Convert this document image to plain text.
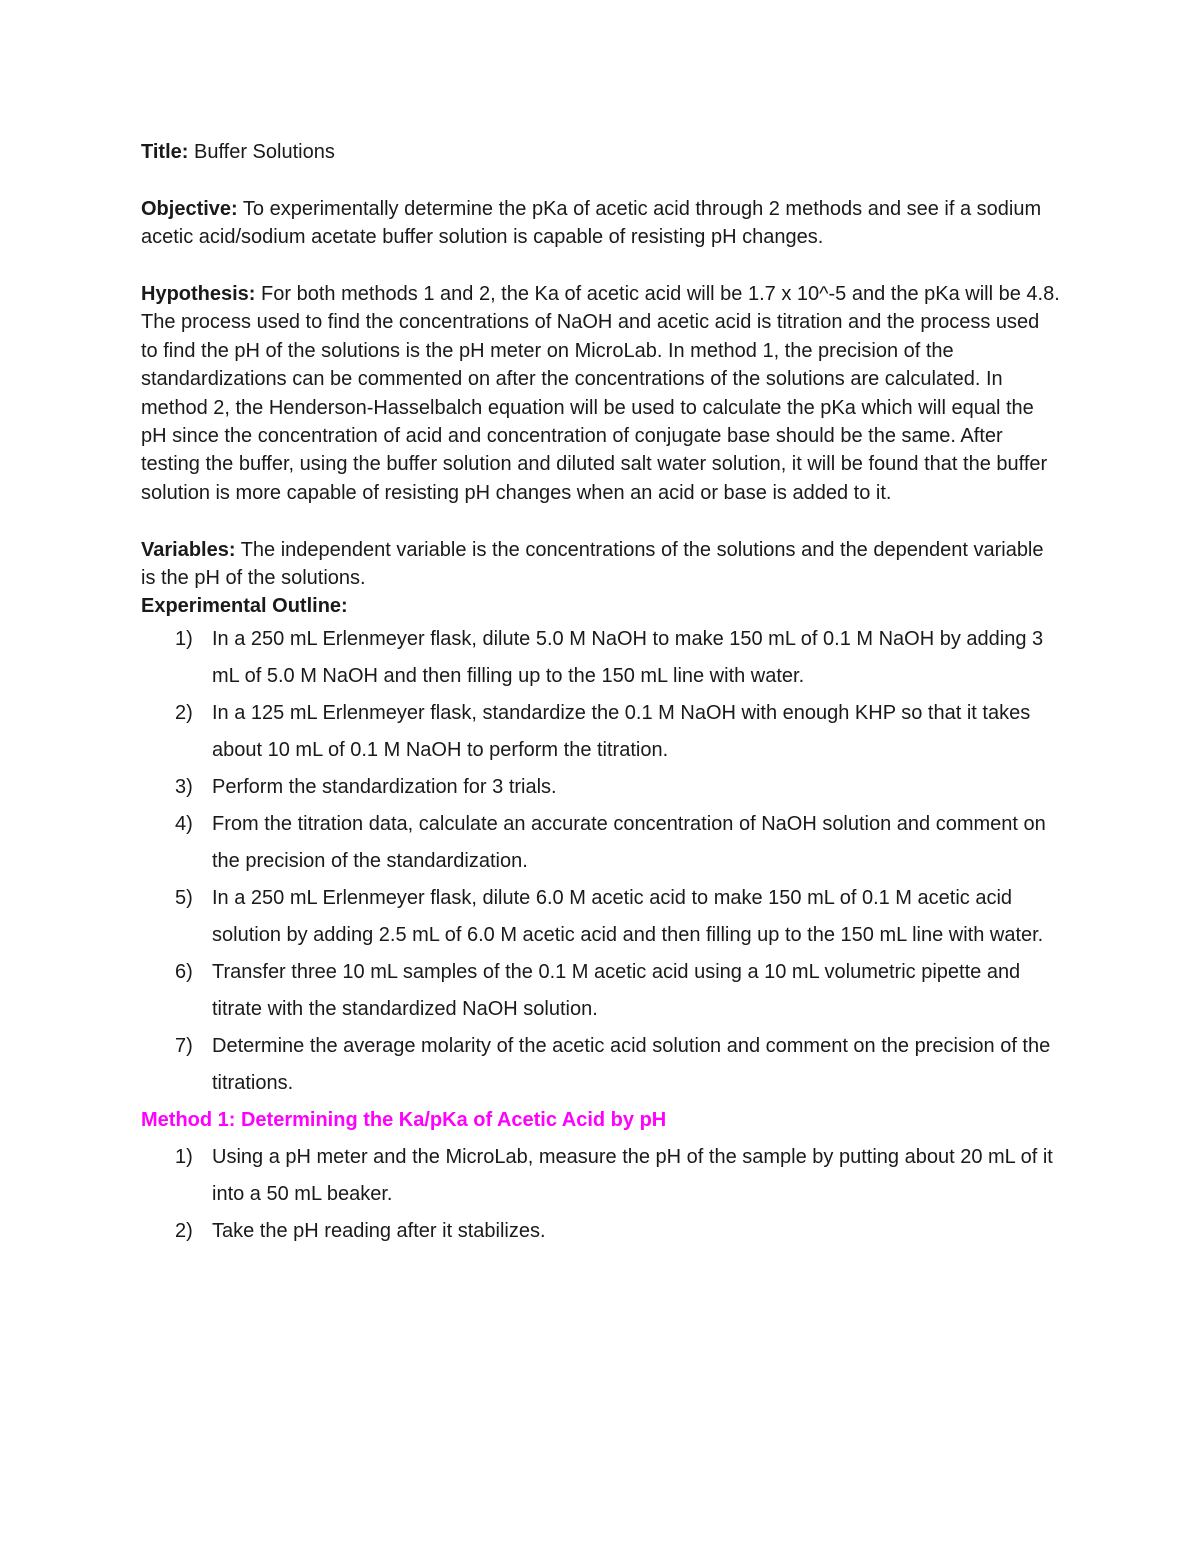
Title: Buffer Solutions

Objective: To experimentally determine the pKa of acetic acid through 2 methods and see if a sodium acetic acid/sodium acetate buffer solution is capable of resisting pH changes.

Hypothesis: For both methods 1 and 2, the Ka of acetic acid will be 1.7 x 10^-5 and the pKa will be 4.8. The process used to find the concentrations of NaOH and acetic acid is titration and the process used to find the pH of the solutions is the pH meter on MicroLab. In method 1, the precision of the standardizations can be commented on after the concentrations of the solutions are calculated. In method 2, the Henderson-Hasselbalch equation will be used to calculate the pKa which will equal the pH since the concentration of acid and concentration of conjugate base should be the same. After testing the buffer, using the buffer solution and diluted salt water solution, it will be found that the buffer solution is more capable of resisting pH changes when an acid or base is added to it.

Variables: The independent variable is the concentrations of the solutions and the dependent variable is the pH of the solutions.

Experimental Outline:

1) In a 250 mL Erlenmeyer flask, dilute 5.0 M NaOH to make 150 mL of 0.1 M NaOH by adding 3 mL of 5.0 M NaOH and then filling up to the 150 mL line with water.
2) In a 125 mL Erlenmeyer flask, standardize the 0.1 M NaOH with enough KHP so that it takes about 10 mL of 0.1 M NaOH to perform the titration.
3) Perform the standardization for 3 trials.
4) From the titration data, calculate an accurate concentration of NaOH solution and comment on the precision of the standardization.
5) In a 250 mL Erlenmeyer flask, dilute 6.0 M acetic acid to make 150 mL of 0.1 M acetic acid solution by adding 2.5 mL of 6.0 M acetic acid and then filling up to the 150 mL line with water.
6) Transfer three 10 mL samples of the 0.1 M acetic acid using a 10 mL volumetric pipette and titrate with the standardized NaOH solution.
7) Determine the average molarity of the acetic acid solution and comment on the precision of the titrations.

Method 1: Determining the Ka/pKa of Acetic Acid by pH

1) Using a pH meter and the MicroLab, measure the pH of the sample by putting about 20 mL of it into a 50 mL beaker.
2) Take the pH reading after it stabilizes.
